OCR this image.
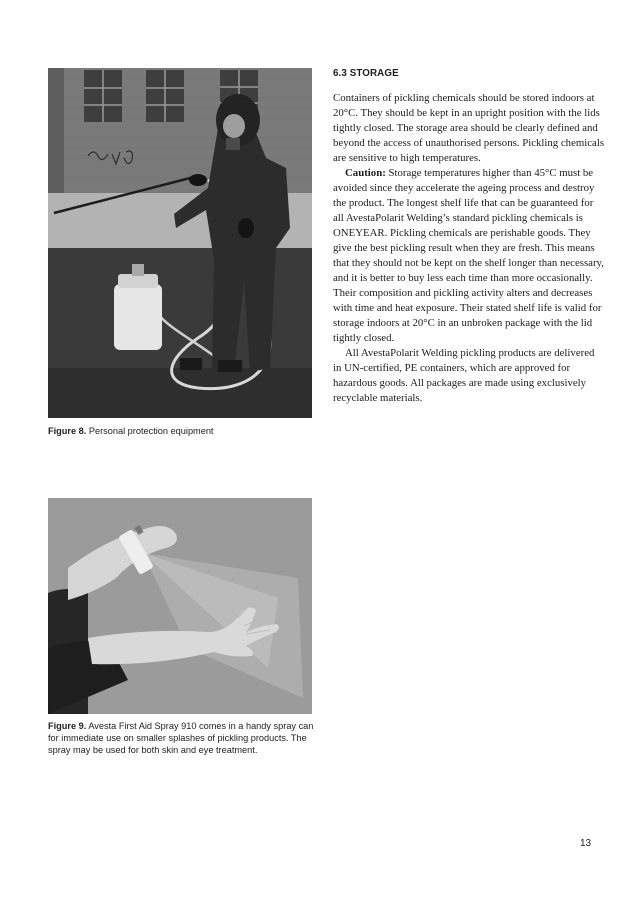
Figure 8. Personal protection equipment
Figure 9. Avesta First Aid Spray 910 comes in a handy spray can for immediate use on smaller splashes of pickling products. The spray may be used for both skin and eye treatment.
6.3 STORAGE

Containers of pickling chemicals should be stored indoors at 20°C. They should be kept in an upright position with the lids tightly closed. The storage area should be clearly defined and beyond the access of unauthorised persons. Pickling chemicals are sensitive to high temperatures.

Caution: Storage temperatures higher than 45°C must be avoided since they accelerate the ageing process and destroy the product. The longest shelf life that can be guaranteed for all AvestaPolarit Welding’s standard pickling chemicals is ONEYEAR. Pickling chemicals are perishable goods. They give the best pickling result when they are fresh. This means that they should not be kept on the shelf longer than necessary, and it is better to buy less each time than more occasionally. Their composition and pickling activity alters and decreases with time and heat exposure. Their stated shelf life is valid for storage indoors at 20°C in an unbroken package with the lid tightly closed.

All AvestaPolarit Welding pickling products are delivered in UN-certified, PE containers, which are approved for hazardous goods. All packages are made using exclusively recyclable materials.

13
